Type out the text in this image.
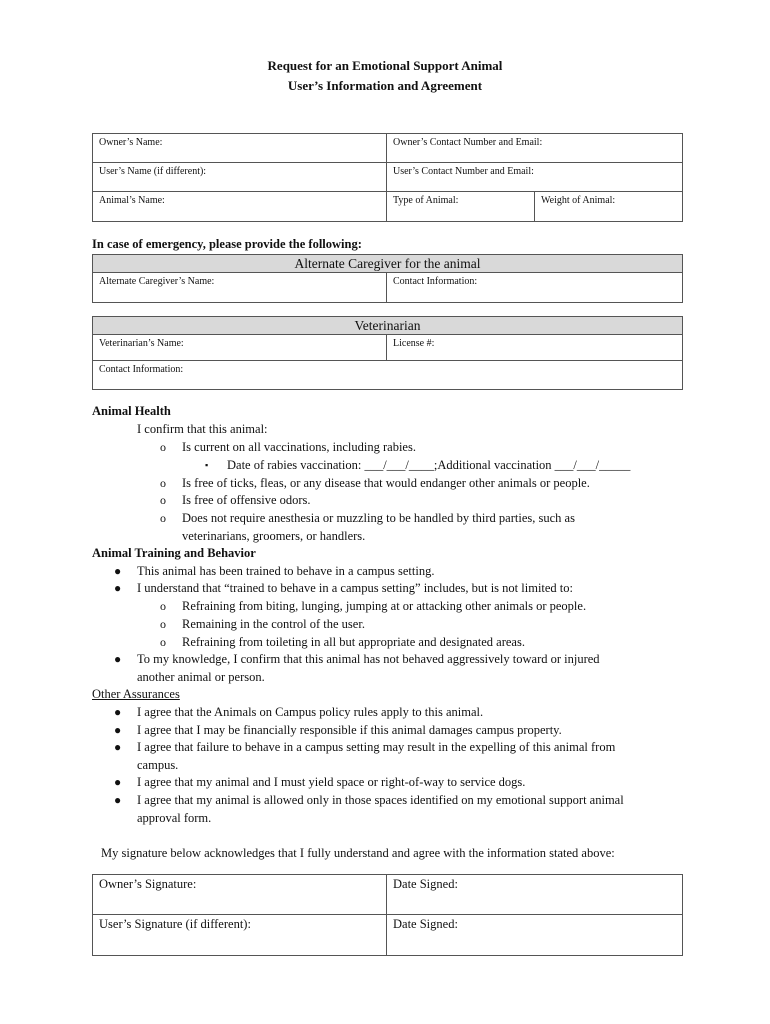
Request for an Emotional Support Animal
User’s Information and Agreement
Owner’s Name:	Owner’s Contact Number and Email:	
User’s Name (if different):	User’s Contact Number and Email:	
Animal’s Name:	Type of Animal:	Weight of Animal:
In case of emergency, please provide the following:
Alternate Caregiver for the animal
Alternate Caregiver’s Name:	Contact Information:
Veterinarian
Veterinarian’s Name:	License #:
Contact Information:
Animal Health
I confirm that this animal:
o Is current on all vaccinations, including rabies.
▪ Date of rabies vaccination: ___/___/____;Additional vaccination ___/___/_____
o Is free of ticks, fleas, or any disease that would endanger other animals or people.
o Is free of offensive odors.
o Does not require anesthesia or muzzling to be handled by third parties, such as
veterinarians, groomers, or handlers.
Animal Training and Behavior
● This animal has been trained to behave in a campus setting.
● I understand that “trained to behave in a campus setting” includes, but is not limited to:
o Refraining from biting, lunging, jumping at or attacking other animals or people.
o Remaining in the control of the user.
o Refraining from toileting in all but appropriate and designated areas.
● To my knowledge, I confirm that this animal has not behaved aggressively toward or injured
another animal or person.
Other Assurances
● I agree that the Animals on Campus policy rules apply to this animal.
● I agree that I may be financially responsible if this animal damages campus property.
● I agree that failure to behave in a campus setting may result in the expelling of this animal from
campus.
● I agree that my animal and I must yield space or right-of-way to service dogs.
● I agree that my animal is allowed only in those spaces identified on my emotional support animal
approval form.
My signature below acknowledges that I fully understand and agree with the information stated above:
Owner’s Signature:	Date Signed:
User’s Signature (if different):	Date Signed:
